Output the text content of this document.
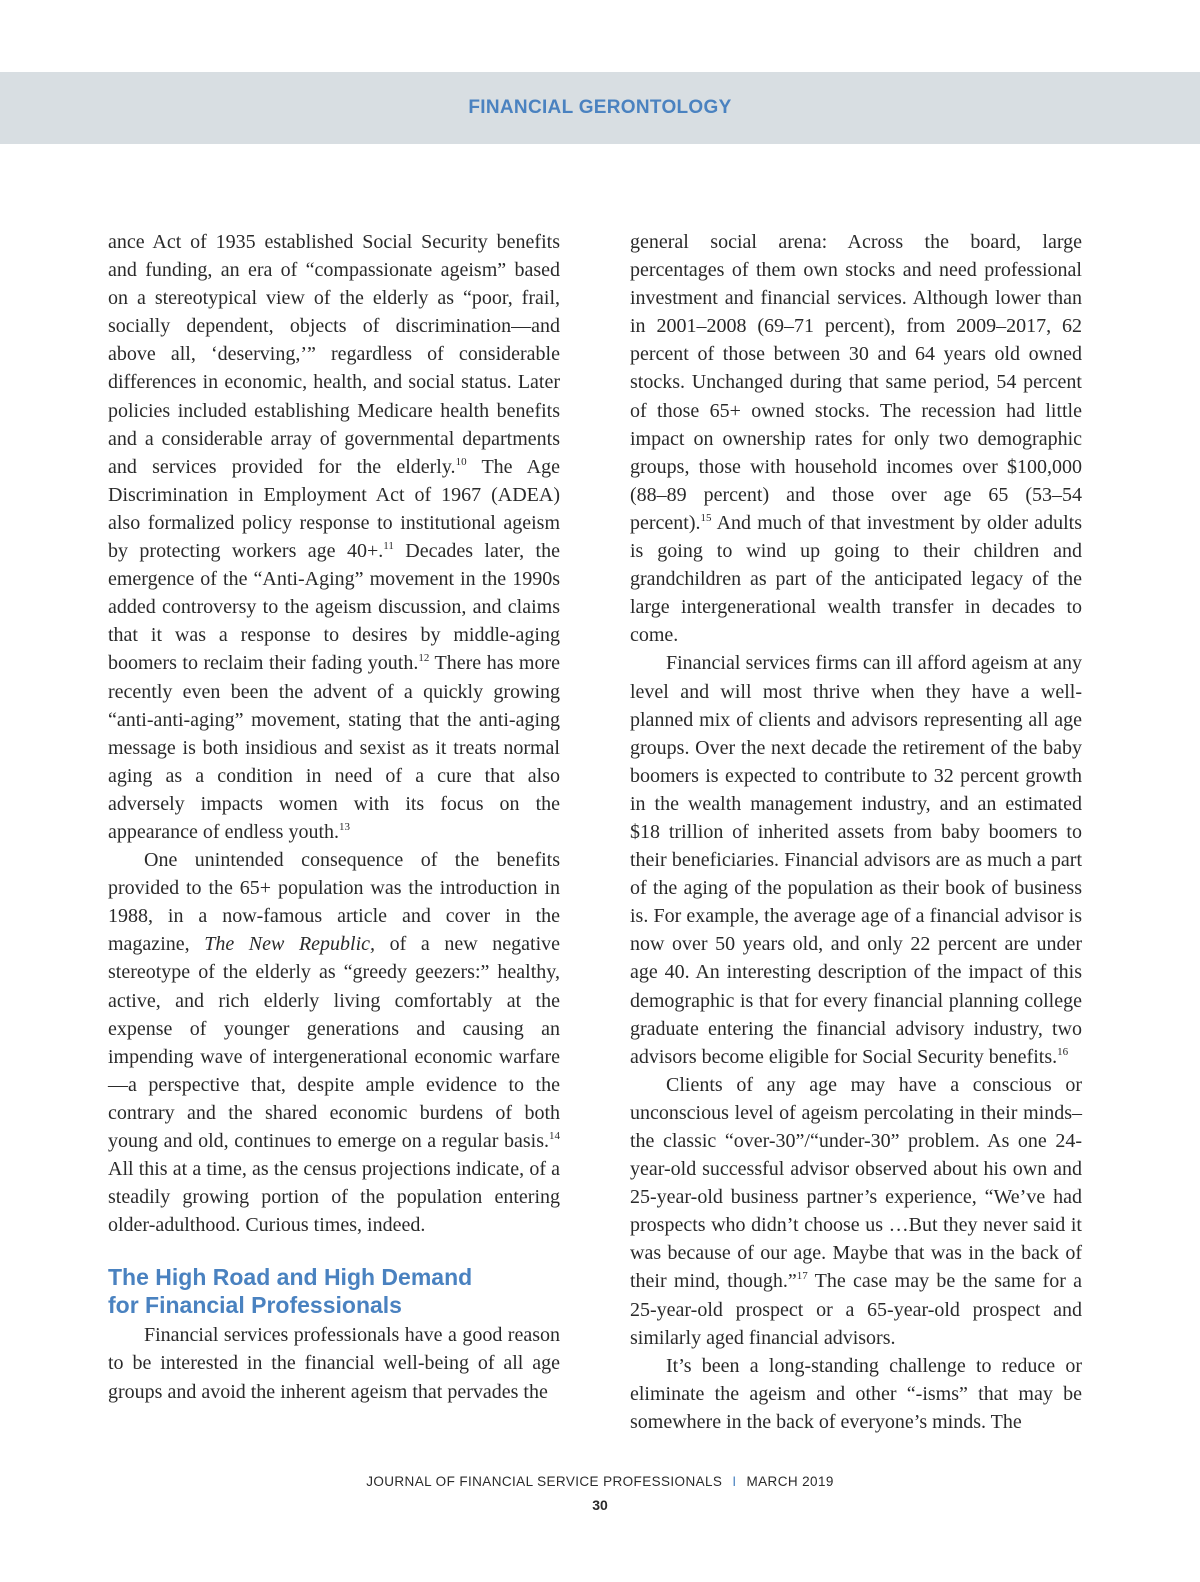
FINANCIAL GERONTOLOGY

ance Act of 1935 established Social Security benefits and funding, an era of “compassionate ageism” based on a stereotypical view of the elderly as “poor, frail, socially dependent, objects of discrimination—and above all, ‘deserving,’” regardless of considerable differences in economic, health, and social status. Later policies included establishing Medicare health benefits and a considerable array of governmental departments and services provided for the elderly.$^{10}$ The Age Discrimination in Employment Act of 1967 (ADEA) also formalized policy response to institutional ageism by protecting workers age 40+.$^{11}$ Decades later, the emergence of the “Anti-Aging” movement in the 1990s added controversy to the ageism discussion, and claims that it was a response to desires by middle-aging boomers to reclaim their fading youth.$^{12}$ There has more recently even been the advent of a quickly growing “anti-anti-aging” movement, stating that the anti-aging message is both insidious and sexist as it treats normal aging as a condition in need of a cure that also adversely impacts women with its focus on the appearance of endless youth.$^{13}$

One unintended consequence of the benefits provided to the 65+ population was the introduction in 1988, in a now-famous article and cover in the magazine, The New Republic, of a new negative stereotype of the elderly as “greedy geezers:” healthy, active, and rich elderly living comfortably at the expense of younger generations and causing an impending wave of intergenerational economic warfare—a perspective that, despite ample evidence to the contrary and the shared economic burdens of both young and old, continues to emerge on a regular basis.$^{14}$ All this at a time, as the census projections indicate, of a steadily growing portion of the population entering older-adulthood. Curious times, indeed.

The High Road and High Demand
for Financial Professionals

Financial services professionals have a good reason to be interested in the financial well-being of all age groups and avoid the inherent ageism that pervades the

general social arena: Across the board, large percentages of them own stocks and need professional investment and financial services. Although lower than in 2001–2008 (69–71 percent), from 2009–2017, 62 percent of those between 30 and 64 years old owned stocks. Unchanged during that same period, 54 percent of those 65+ owned stocks. The recession had little impact on ownership rates for only two demographic groups, those with household incomes over $100,000 (88–89 percent) and those over age 65 (53–54 percent).$^{15}$ And much of that investment by older adults is going to wind up going to their children and grandchildren as part of the anticipated legacy of the large intergenerational wealth transfer in decades to come.

Financial services firms can ill afford ageism at any level and will most thrive when they have a well-planned mix of clients and advisors representing all age groups. Over the next decade the retirement of the baby boomers is expected to contribute to 32 percent growth in the wealth management industry, and an estimated $18 trillion of inherited assets from baby boomers to their beneficiaries. Financial advisors are as much a part of the aging of the population as their book of business is. For example, the average age of a financial advisor is now over 50 years old, and only 22 percent are under age 40. An interesting description of the impact of this demographic is that for every financial planning college graduate entering the financial advisory industry, two advisors become eligible for Social Security benefits.$^{16}$

Clients of any age may have a conscious or unconscious level of ageism percolating in their minds– the classic “over-30”/“under-30” problem. As one 24-year-old successful advisor observed about his own and 25-year-old business partner’s experience, “We’ve had prospects who didn’t choose us …But they never said it was because of our age. Maybe that was in the back of their mind, though.”$^{17}$ The case may be the same for a 25-year-old prospect or a 65-year-old prospect and similarly aged financial advisors.

It’s been a long-standing challenge to reduce or eliminate the ageism and other “-isms” that may be somewhere in the back of everyone’s minds. The

JOURNAL OF FINANCIAL SERVICE PROFESSIONALS I MARCH 2019
30
